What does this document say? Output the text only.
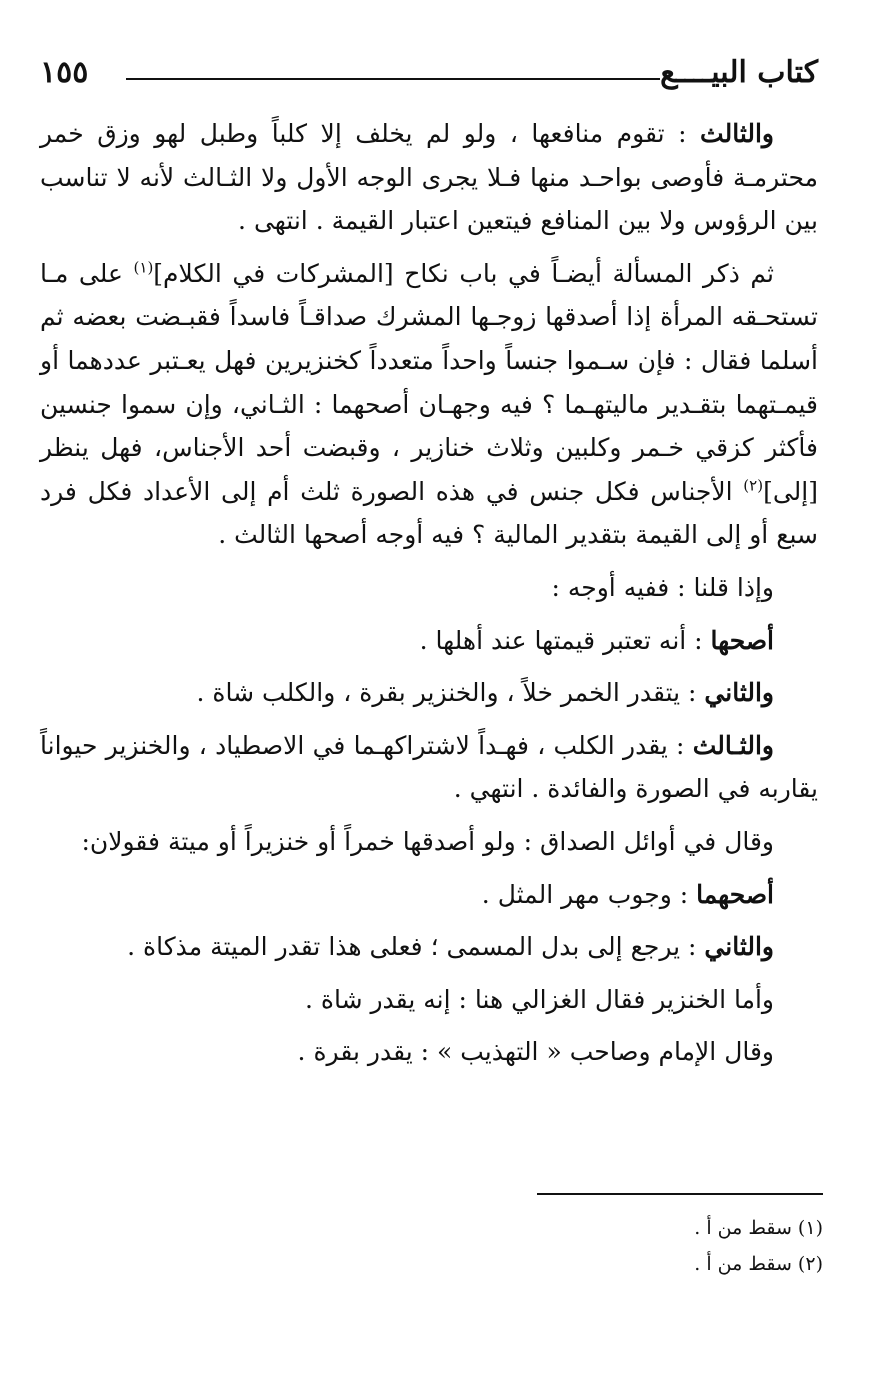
كتاب البيــــع
١٥٥

والثالث : تقوم منافعها ، ولو لم يخلف إلا كلباً وطبل لهو وزق خمر محترمـة فأوصى بواحـد منها فـلا يجرى الوجه الأول ولا الثـالث لأنه لا تناسب بين الرؤوس ولا بين المنافع فيتعين اعتبار القيمة . انتهى .

ثم ذكر المسألة أيضـاً في باب نكاح [المشركات في الكلام]$^{(١)}$ على مـا تستحـقه المرأة إذا أصدقها زوجـها المشرك صداقـاً فاسداً فقبـضت بعضه ثم أسلما فقال : فإن سـموا جنساً واحداً متعدداً كخنزيرين فهل يعـتبر عددهما أو قيمـتهما بتقـدير ماليتهـما ؟ فيه وجهـان أصحهما : الثـاني، وإن سموا جنسين فأكثر كزقي خـمر وكلبين وثلاث خنازير ، وقبضت أحد الأجناس، فهل ينظر [إلى]$^{(٢)}$ الأجناس فكل جنس في هذه الصورة ثلث أم إلى الأعداد فكل فرد سبع أو إلى القيمة بتقدير المالية ؟ فيه أوجه أصحها الثالث .

وإذا قلنا : ففيه أوجه :

أصحها : أنه تعتبر قيمتها عند أهلها .

والثاني : يتقدر الخمر خلاً ، والخنزير بقرة ، والكلب شاة .

والثـالث : يقدر الكلب ، فهـداً لاشتراكهـما في الاصطياد ، والخنزير حيواناً يقاربه في الصورة والفائدة . انتهي .

وقال في أوائل الصداق : ولو أصدقها خمراً أو خنزيراً أو ميتة فقولان:

أصحهما : وجوب مهر المثل .

والثاني : يرجع إلى بدل المسمى ؛ فعلى هذا تقدر الميتة مذكاة .

وأما الخنزير فقال الغزالي هنا : إنه يقدر شاة .

وقال الإمام وصاحب « التهذيب » : يقدر بقرة .

(١) سقط من أ .

(٢) سقط من أ .
